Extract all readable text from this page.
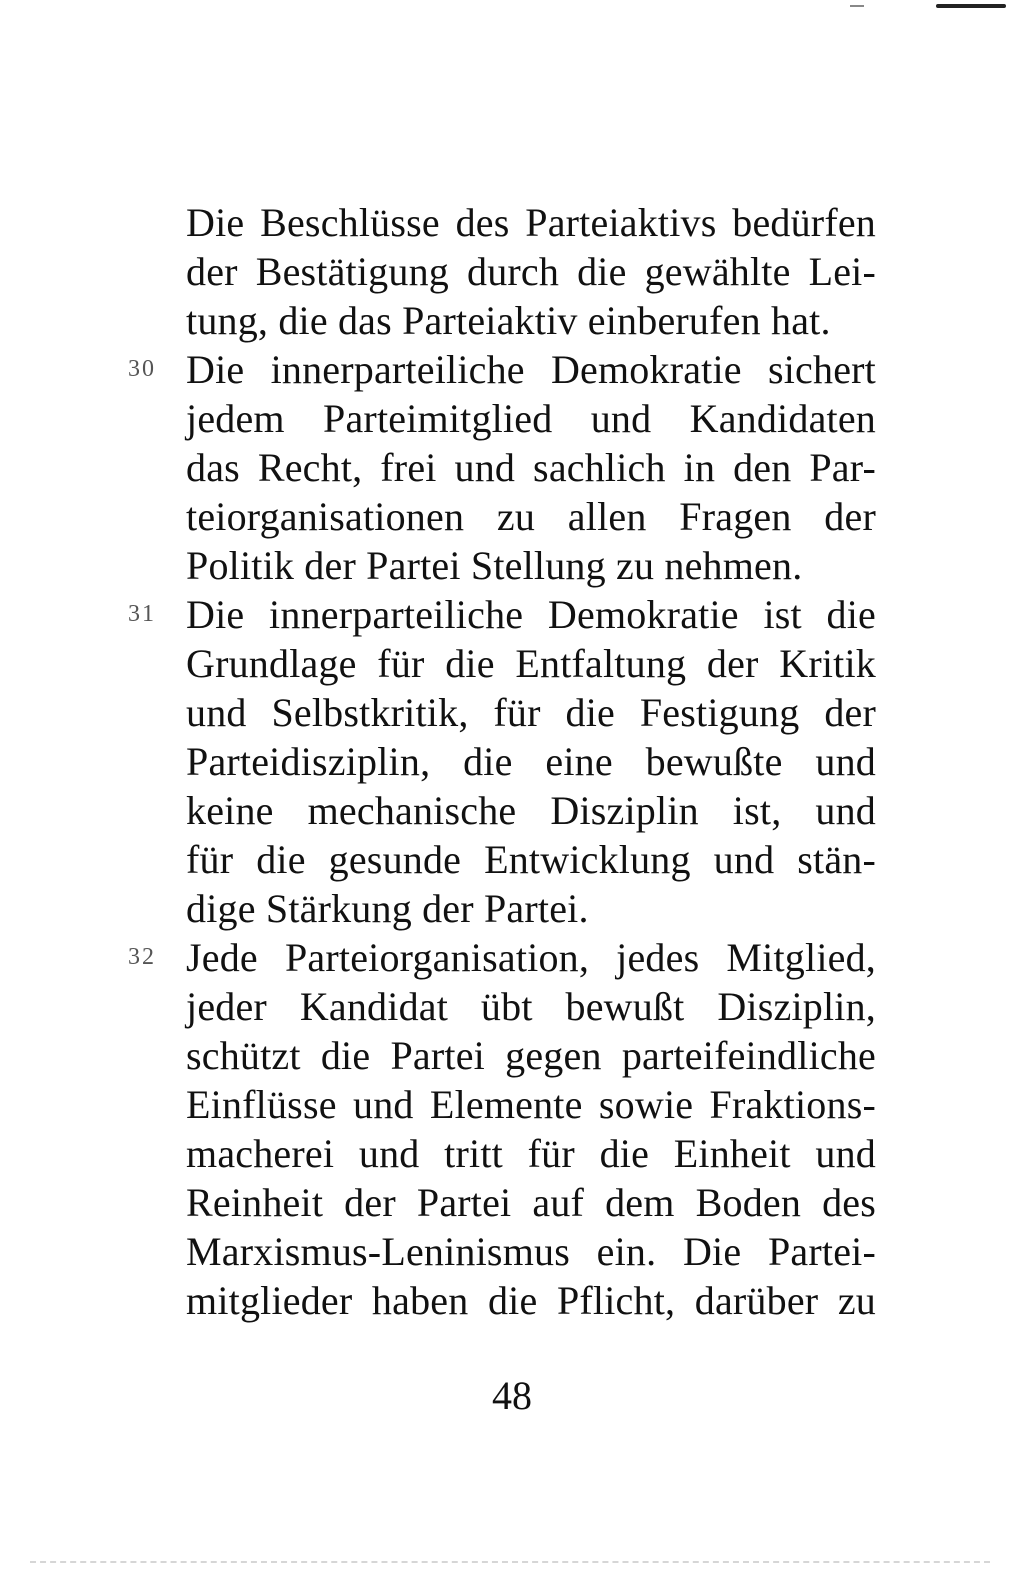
Die Beschlüsse des Parteiaktivs bedürfen
der Bestätigung durch die gewählte Lei-
tung, die das Parteiaktiv einberufen hat.
30 Die innerparteiliche Demokratie sichert
jedem Parteimitglied und Kandidaten
das Recht, frei und sachlich in den Par-
teiorganisationen zu allen Fragen der
Politik der Partei Stellung zu nehmen.
31 Die innerparteiliche Demokratie ist die
Grundlage für die Entfaltung der Kritik
und Selbstkritik, für die Festigung der
Parteidisziplin, die eine bewußte und
keine mechanische Disziplin ist, und
für die gesunde Entwicklung und stän-
dige Stärkung der Partei.
32 Jede Parteiorganisation, jedes Mitglied,
jeder Kandidat übt bewußt Disziplin,
schützt die Partei gegen parteifeindliche
Einflüsse und Elemente sowie Fraktions-
macherei und tritt für die Einheit und
Reinheit der Partei auf dem Boden des
Marxismus-Leninismus ein. Die Partei-
mitglieder haben die Pflicht, darüber zu
48
